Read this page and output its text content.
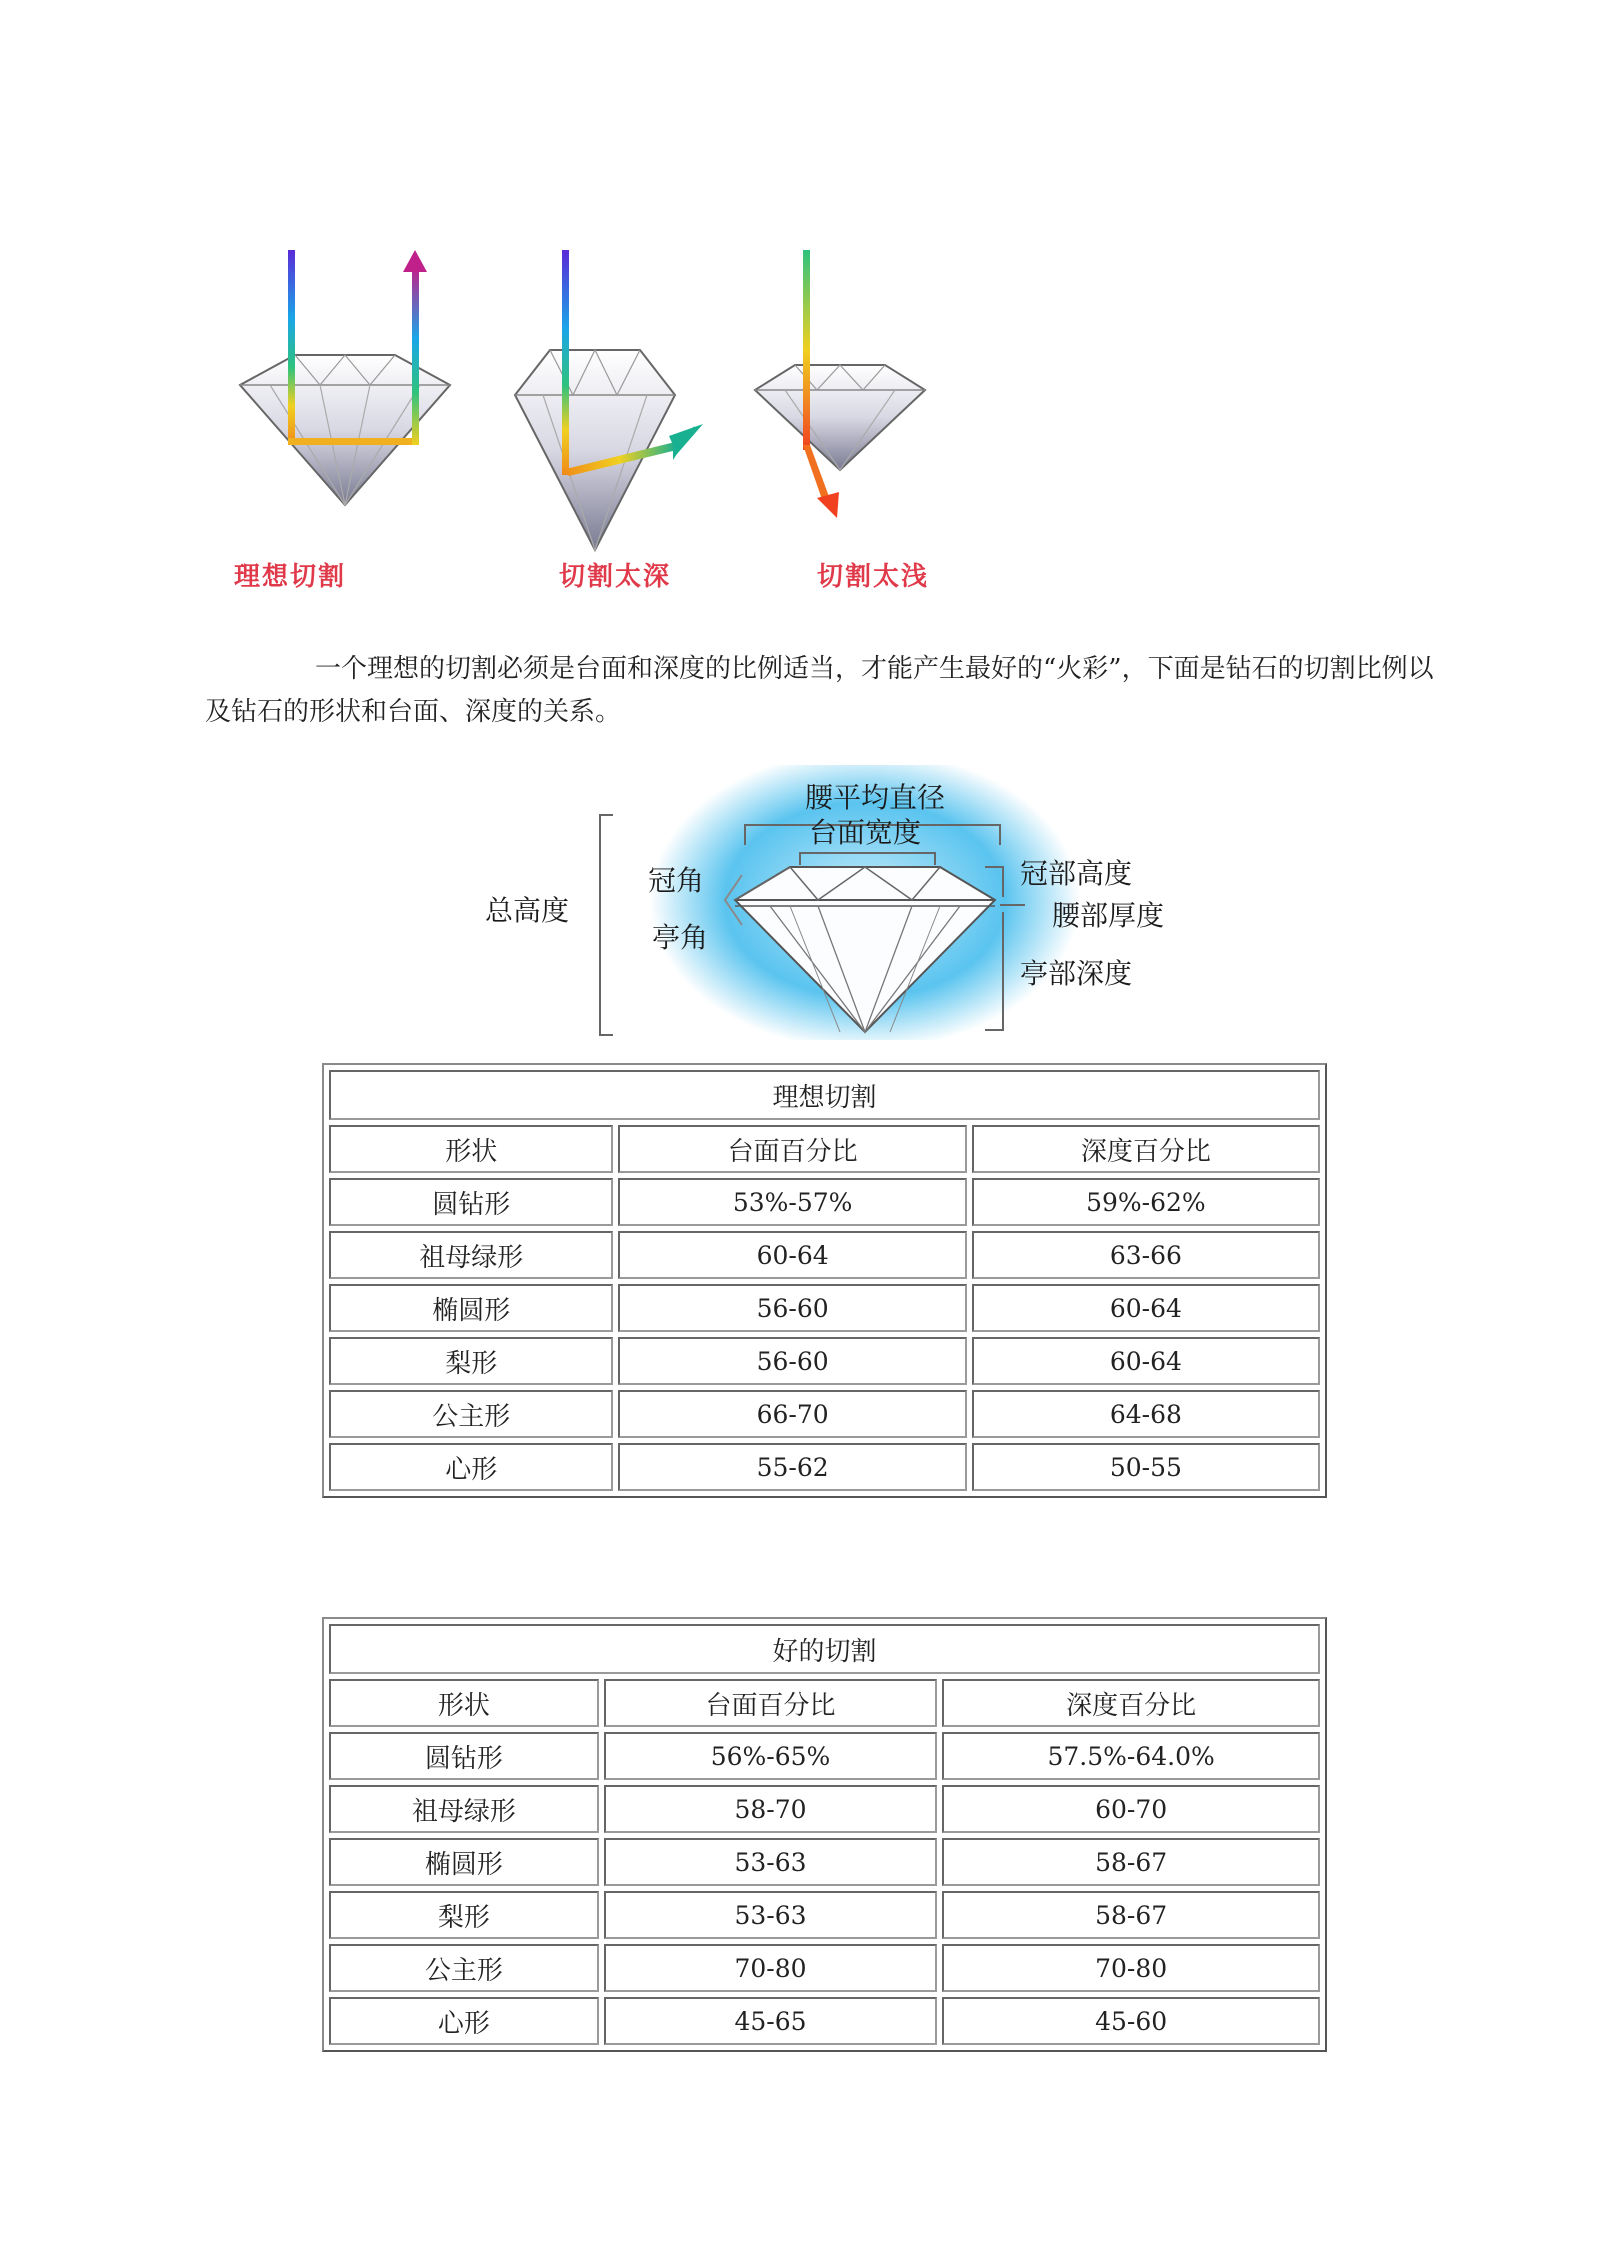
理想切割	切割太深	切割太浅

一个理想的切割必须是台面和深度的比例适当，才能产生最好的“火彩”，下面是钻石的切割比例以及钻石的形状和台面、深度的关系。

腰平均直径
台面宽度
总高度
冠角
亭角
冠部高度
腰部厚度
亭部深度
理想切割		
形状	台面百分比	深度百分比
圆钻形	53%-57%	59%-62%
祖母绿形	60-64	63-66
椭圆形	56-60	60-64
梨形	56-60	60-64
公主形	66-70	64-68
心形	55-62	50-55
好的切割		
形状	台面百分比	深度百分比
圆钻形	56%-65%	57.5%-64.0%
祖母绿形	58-70	60-70
椭圆形	53-63	58-67
梨形	53-63	58-67
公主形	70-80	70-80
心形	45-65	45-60
